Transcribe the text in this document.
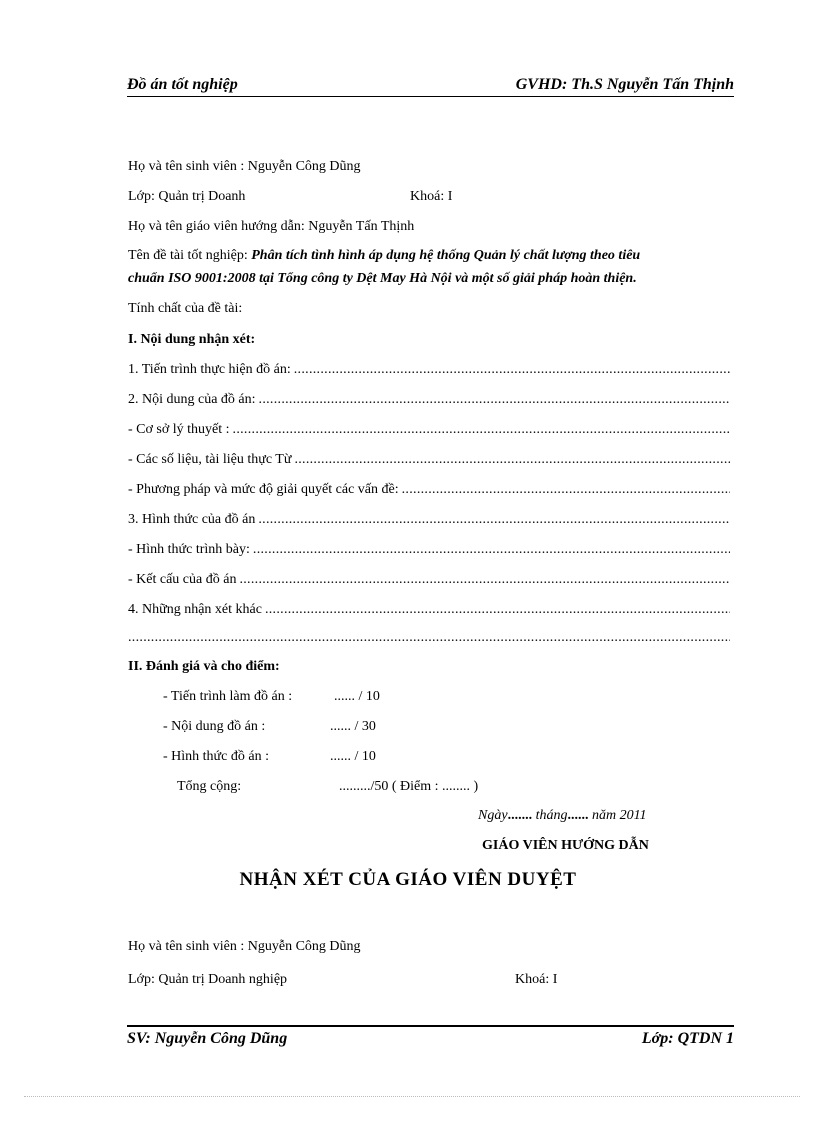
Đồ án tốt nghiệp	GVHD: Th.S Nguyễn Tấn Thịnh
Họ và tên sinh viên : Nguyễn Công Dũng
Lớp: Quản trị Doanh	Khoá: I
Họ và tên giáo viên hướng dẫn: Nguyễn Tấn Thịnh
Tên đề tài tốt nghiệp: Phân tích tình hình áp dụng hệ thống Quản lý chất lượng theo tiêu
chuẩn ISO 9001:2008 tại Tổng công ty Dệt May Hà Nội và một số giải pháp hoàn thiện.
Tính chất của đề tài:
I. Nội dung nhận xét:
1. Tiến trình thực hiện đồ án:
.....
2. Nội dung của đồ án:
.....
- Cơ sở lý thuyết :
.....
- Các số liệu, tài liệu thực Từ
.....
- Phương pháp và mức độ giải quyết các vấn đề:
.....
3. Hình thức của đồ án
.....
- Hình thức trình bày:
.....
- Kết cấu của đồ án
.....
4. Những nhận xét khác
.....
.....
II. Đánh giá và cho điểm:
- Tiến trình làm đồ án :	...... / 10
- Nội dung đồ án :	...... / 30
- Hình thức đồ án :	...... / 10
Tổng cộng:	........./50 ( Điểm : ........ )
Ngày....... tháng...... năm 2011
GIÁO VIÊN HƯỚNG DẪN
NHẬN XÉT CỦA GIÁO VIÊN DUYỆT
Họ và tên sinh viên : Nguyễn Công Dũng
Lớp: Quản trị Doanh nghiệp	Khoá: I
SV: Nguyễn Công Dũng	Lớp: QTDN 1
